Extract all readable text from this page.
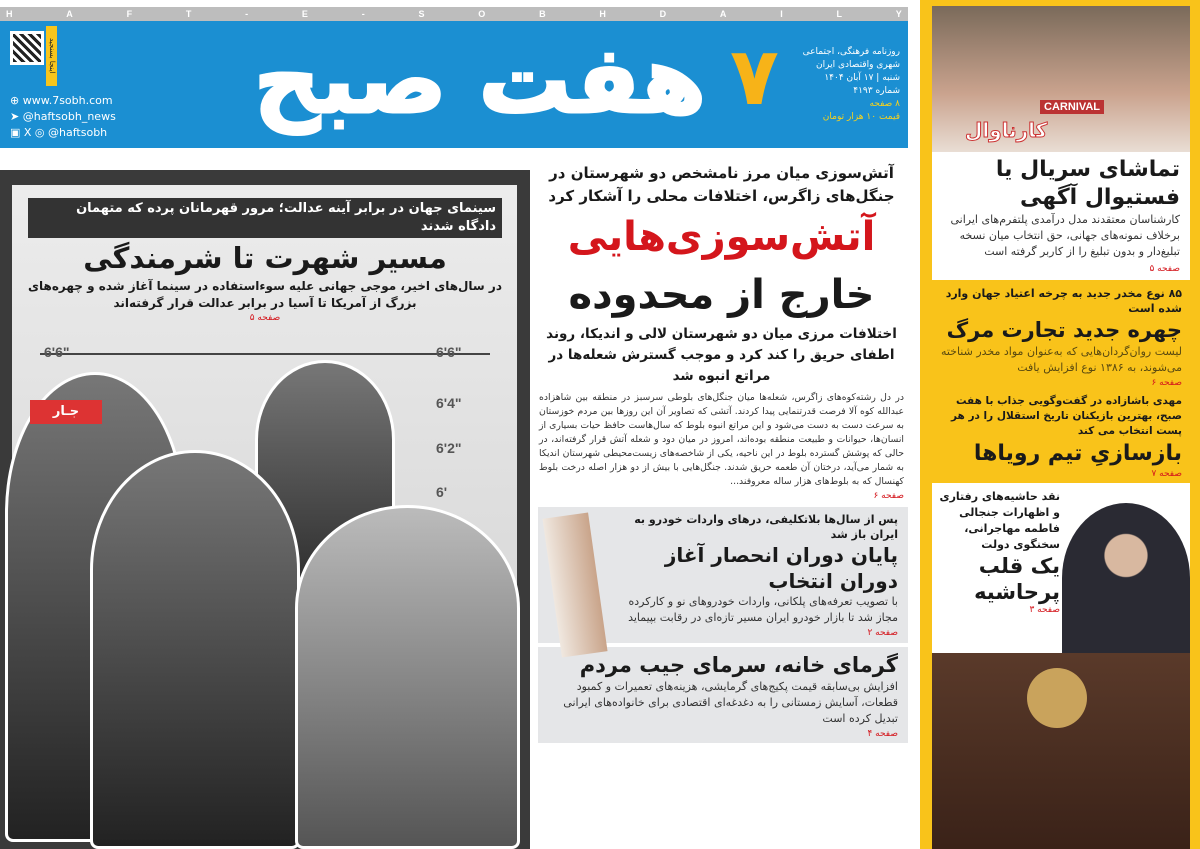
H	A	F	T	-	E	-	S	O	B	H	D	A	I	L	Y
هفت صبح ۷
اینجا بسنجید
⊕ www.7sobh.com
➤ @haftsobh_news
▣ X ◎ @haftsobh
روزنامه فرهنگی، اجتماعی
شهری واقتصادی ایران
شنبه | ۱۷ آبان ۱۴۰۴
شماره ۴۱۹۳
۸ صفحه
قیمت ۱۰ هزار تومان
CARNIVAL
کارناوال
تماشای سریال یا فستیوال آگهی
کارشناسان معتقدند مدل درآمدی پلتفرم‌های ایرانی برخلاف نمونه‌های جهانی، حق انتخاب میان نسخه تبلیغ‌دار و بدون تبلیغ را از کاربر گرفته است
صفحه ۵
۸۵ نوع مخدر جدید به چرخه اعتیاد جهان وارد شده است
چهره جدید تجارت مرگ
لیست روان‌گردان‌هایی که به‌عنوان مواد مخدر شناخته می‌شوند، به ۱۳۸۶ نوع افزایش یافت
صفحه ۶
مهدی باشازاده در گفت‌وگویی جذاب با هفت صبح، بهترین بازیکنان تاریخ استقلال را در هر پست انتخاب می کند
بازسازیِ تیم رویاها
صفحه ۷
نقد حاشیه‌های رفتاری و اظهارات جنجالی فاطمه مهاجرانی، سخنگوی دولت
یک قلب پرحاشیه
صفحه ۳
سینمای جهان در برابر آینه عدالت؛ مرور قهرمانان پرده که متهمان دادگاه شدند
مسیر شهرت تا شرمندگی
در سال‌های اخیر، موجی جهانی علیه سوءاستفاده در سینما آغاز شده و چهره‌های بزرگ از آمریکا تا آسیا در برابر عدالت قرار گرفته‌اند
صفحه ۵
6'6"	6'6"
6'4"
6'2"
6'
جـار
آتش‌سوزی میان مرز نامشخص دو شهرستان در جنگل‌های زاگرس، اختلافات محلی را آشکار کرد
آتش‌سوزی‌هایی
خارج از محدوده
اختلافات مرزی میان دو شهرستان لالی و اندیکا، روند اطفای حریق را کند کرد و موجب گسترش شعله‌ها در مراتع انبوه شد
در دل رشته‌کوه‌های زاگرس، شعله‌ها میان جنگل‌های بلوطی سرسبز در منطقه بین شاهزاده عبدالله کوه آلا فرصت قدرتنمایی پیدا کردند. آتشی که تصاویر آن این روزها بین مردم خوزستان به سرعت دست به دست می‌شود و این مراتع انبوه بلوط که سال‌هاست حافظ حیات بسیاری از انسان‌ها، حیوانات و طبیعت منطقه بوده‌اند، امروز در میان دود و شعله آتش قرار گرفته‌اند، در حالی که پوشش گسترده بلوط در این ناحیه، یکی از شاخصه‌های زیست‌محیطی شهرستان اندیکا به شمار می‌آید، درختان آن طعمه حریق شدند. جنگل‌هایی با بیش از دو هزار اصله درخت بلوط کهنسال که به بلوط‌های هزار ساله معروفند...
صفحه ۶
پس از سال‌ها بلاتکلیفی، درهای واردات خودرو به ایران باز شد
پایان دوران انحصار آغاز دوران انتخاب
با تصویب تعرفه‌های پلکانی، واردات خودروهای نو و کارکرده مجاز شد تا بازار خودرو ایران مسیر تازه‌ای در رقابت بپیماید
صفحه ۲
گرمای خانه، سرمای جیب مردم
افزایش بی‌سابقه قیمت پکیج‌های گرمایشی، هزینه‌های تعمیرات و کمبود قطعات، آسایش زمستانی را به دغدغه‌ای اقتصادی برای خانواده‌های ایرانی تبدیل کرده است
صفحه ۴
